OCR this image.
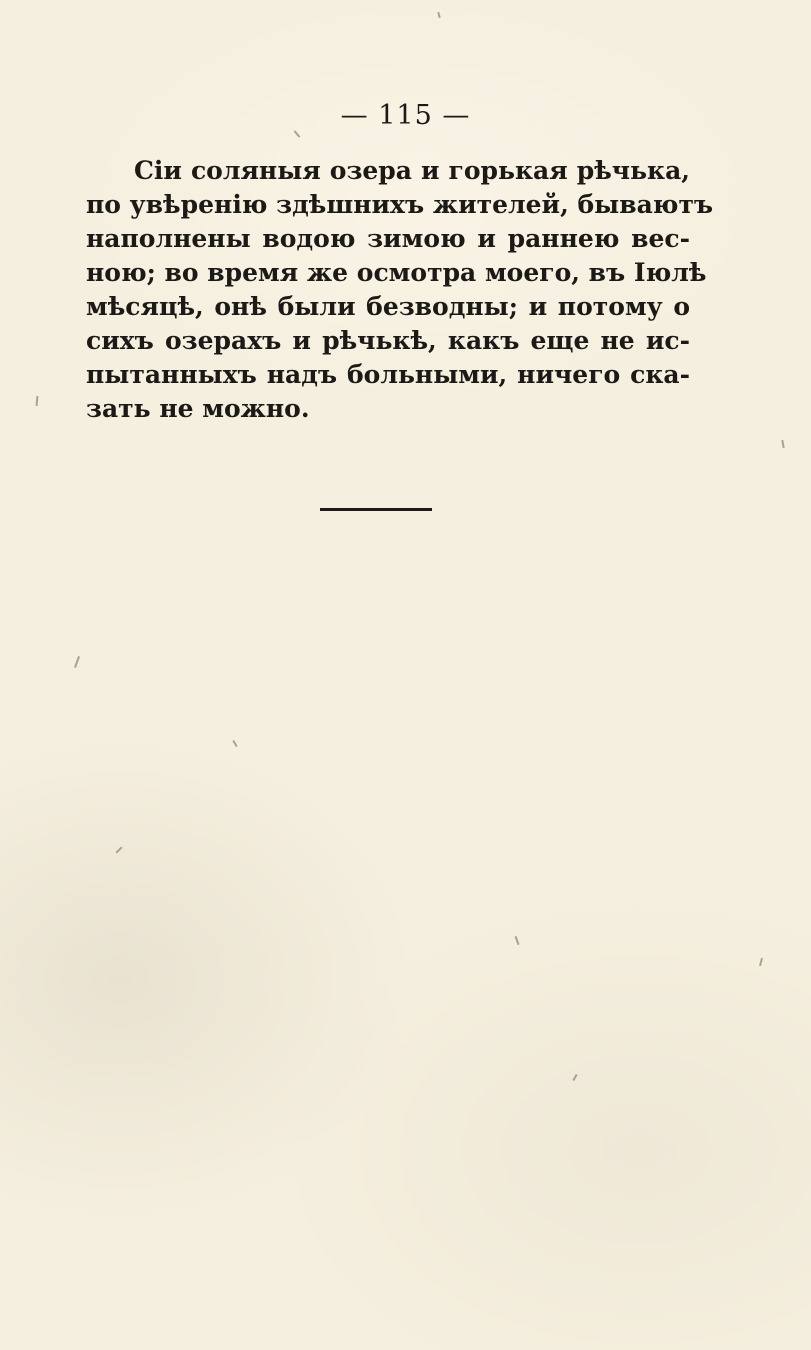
— 115 —
Сіи соляныя озера и горькая рѣчька,
по увѣренію здѣшнихъ жителей, бываютъ
наполнены водою зимою и раннею вес-
ною; во время же осмотра моего, въ Іюлѣ
мѣсяцѣ, онѣ были безводны; и потому о
сихъ озерахъ и рѣчькѣ, какъ еще не ис-
пытанныхъ надъ больными, ничего ска-
зать не можно.
